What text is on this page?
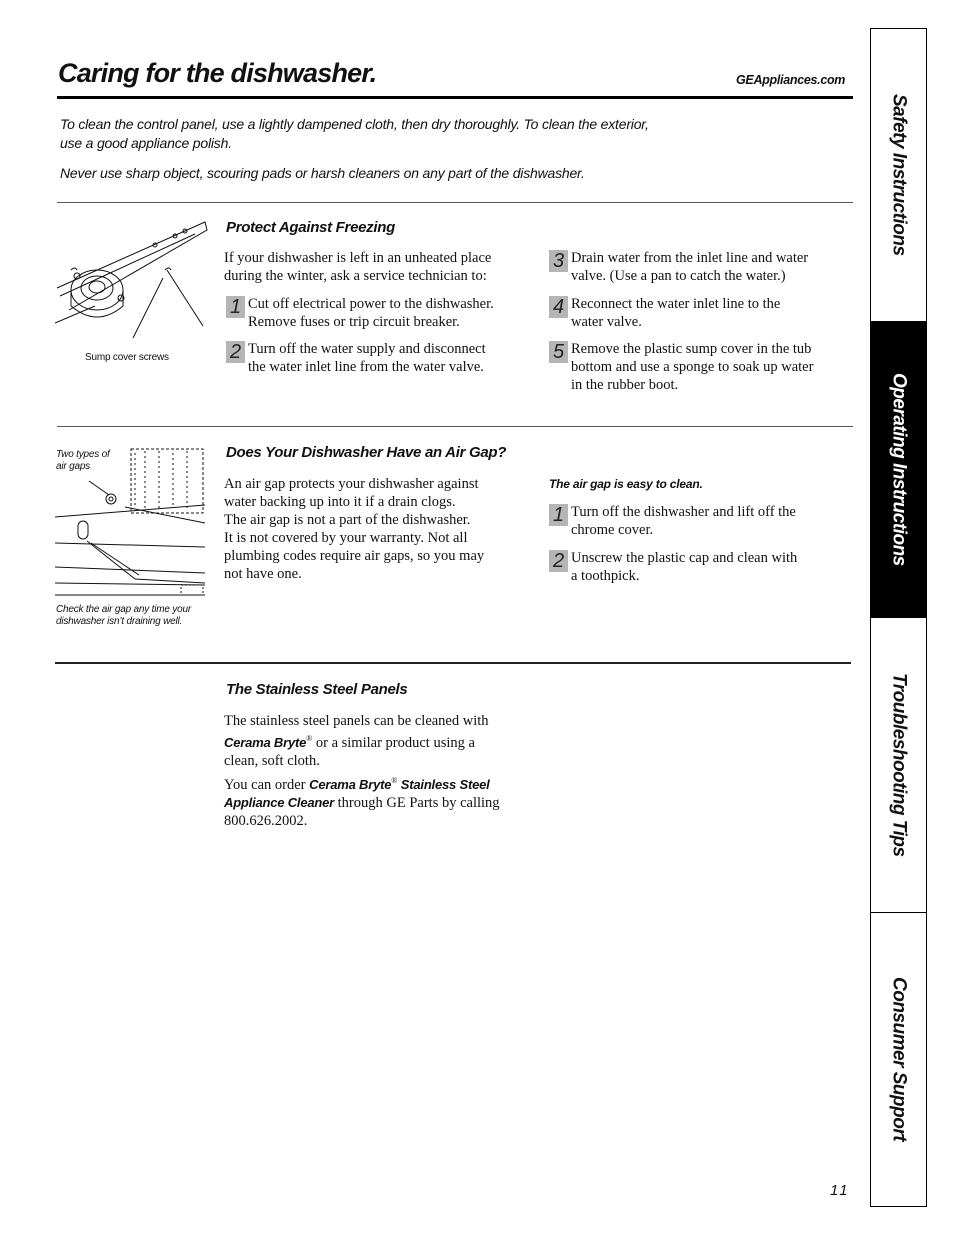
Caring for the dishwasher.	GEAppliances.com
To clean the control panel, use a lightly dampened cloth, then dry thoroughly. To clean the exterior,
use a good appliance polish.
Never use sharp object, scouring pads or harsh cleaners on any part of the dishwasher.
Sump cover screws
Protect Against Freezing
If your dishwasher is left in an unheated place
during the winter, ask a service technician to:
1 Cut off electrical power to the dishwasher.
Remove fuses or trip circuit breaker.
2 Turn off the water supply and disconnect
the water inlet line from the water valve.
3 Drain water from the inlet line and water
valve. (Use a pan to catch the water.)
4 Reconnect the water inlet line to the
water valve.
5 Remove the plastic sump cover in the tub
bottom and use a sponge to soak up water
in the rubber boot.
Two types of
air gaps
Check the air gap any time your
dishwasher isn’t draining well.
Does Your Dishwasher Have an Air Gap?
An air gap protects your dishwasher against
water backing up into it if a drain clogs.
The air gap is not a part of the dishwasher.
It is not covered by your warranty. Not all
plumbing codes require air gaps, so you may
not have one.
The air gap is easy to clean.
1 Turn off the dishwasher and lift off the
chrome cover.
2 Unscrew the plastic cap and clean with
a toothpick.
The Stainless Steel Panels
The stainless steel panels can be cleaned with
Cerama Bryte® or a similar product using a
clean, soft cloth.
You can order Cerama Bryte® Stainless Steel
Appliance Cleaner through GE Parts by calling
800.626.2002.
Safety Instructions
Operating Instructions
Troubleshooting Tips
Consumer Support
11
